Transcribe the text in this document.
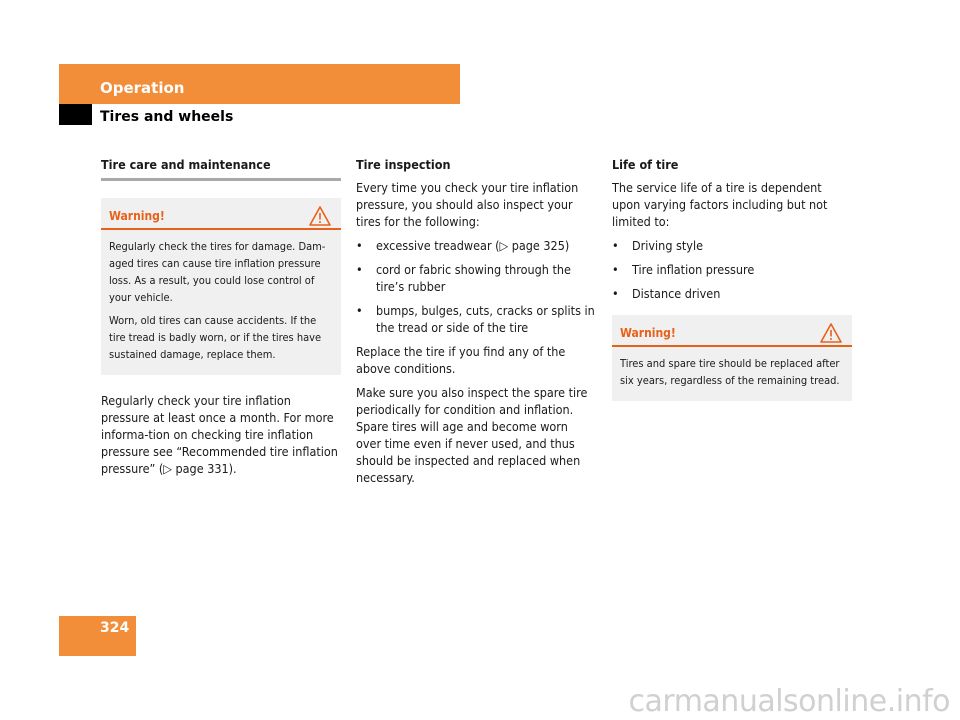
Operation
Tires and wheels
Tire care and maintenance
Warning!

Regularly check the tires for damage. Dam-aged tires can cause tire inflation pressure loss. As a result, you could lose control of your vehicle.

Worn, old tires can cause accidents. If the tire tread is badly worn, or if the tires have sustained damage, replace them.

Regularly check your tire inflation pressure at least once a month. For more informa-tion on checking tire inflation pressure see “Recommended tire inflation pressure” (▷ page 331).

Tire inspection

Every time you check your tire inflation pressure, you should also inspect your tires for the following:

• excessive treadwear (▷ page 325)
• cord or fabric showing through the tire’s rubber
• bumps, bulges, cuts, cracks or splits in the tread or side of the tire

Replace the tire if you find any of the above conditions.

Make sure you also inspect the spare tire periodically for condition and inflation. Spare tires will age and become worn over time even if never used, and thus should be inspected and replaced when necessary.

Life of tire

The service life of a tire is dependent upon varying factors including but not limited to:

• Driving style
• Tire inflation pressure
• Distance driven
Warning!

Tires and spare tire should be replaced after six years, regardless of the remaining tread.

324
carmanualsonline.info
